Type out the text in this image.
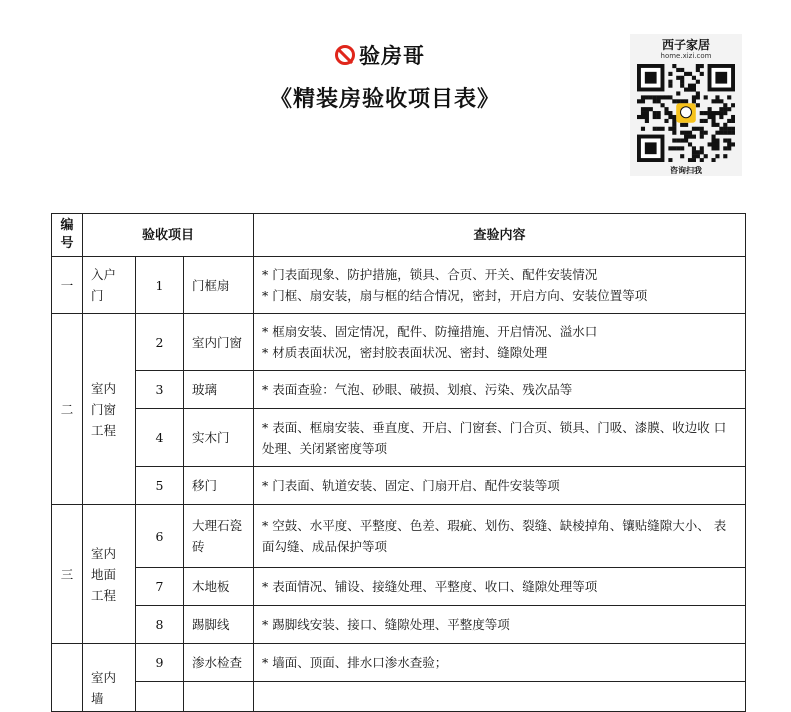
验房哥
《精装房验收项目表》
西子家居
home.xizi.com
咨询扫我
编号	验收项目			查验内容
一	入户门	1	门框扇	* 门表面现象、防护措施，锁具、合页、开关、配件安装情况
* 门框、扇安装，扇与框的结合情况，密封，开启方向、安装位置等项

二	室内门窗工程	2	室内门窗	* 框扇安装、固定情况，配件、防撞措施、开启情况、溢水口
* 材质表面状况，密封胶表面状况、密封、缝隙处理

		3	玻璃	* 表面查验：气泡、砂眼、破损、划痕、污染、残次品等

		4	实木门	* 表面、框扇安装、垂直度、开启、门窗套、门合页、锁具、门吸、漆膜、收边收 口
处理、关闭紧密度等项

		5	移门	* 门表面、轨道安装、固定、门扇开启、配件安装等项

三	室内地面工程	6	大理石瓷砖	* 空鼓、水平度、平整度、色差、瑕疵、划伤、裂缝、缺棱掉角、镶贴缝隙大小、 表
面勾缝、成品保护等项

		7	木地板	* 表面情况、铺设、接缝处理、平整度、收口、缝隙处理等项

		8	踢脚线	* 踢脚线安装、接口、缝隙处理、平整度等项

	室内墙	9	渗水检查	* 墙面、顶面、排水口渗水查验；
